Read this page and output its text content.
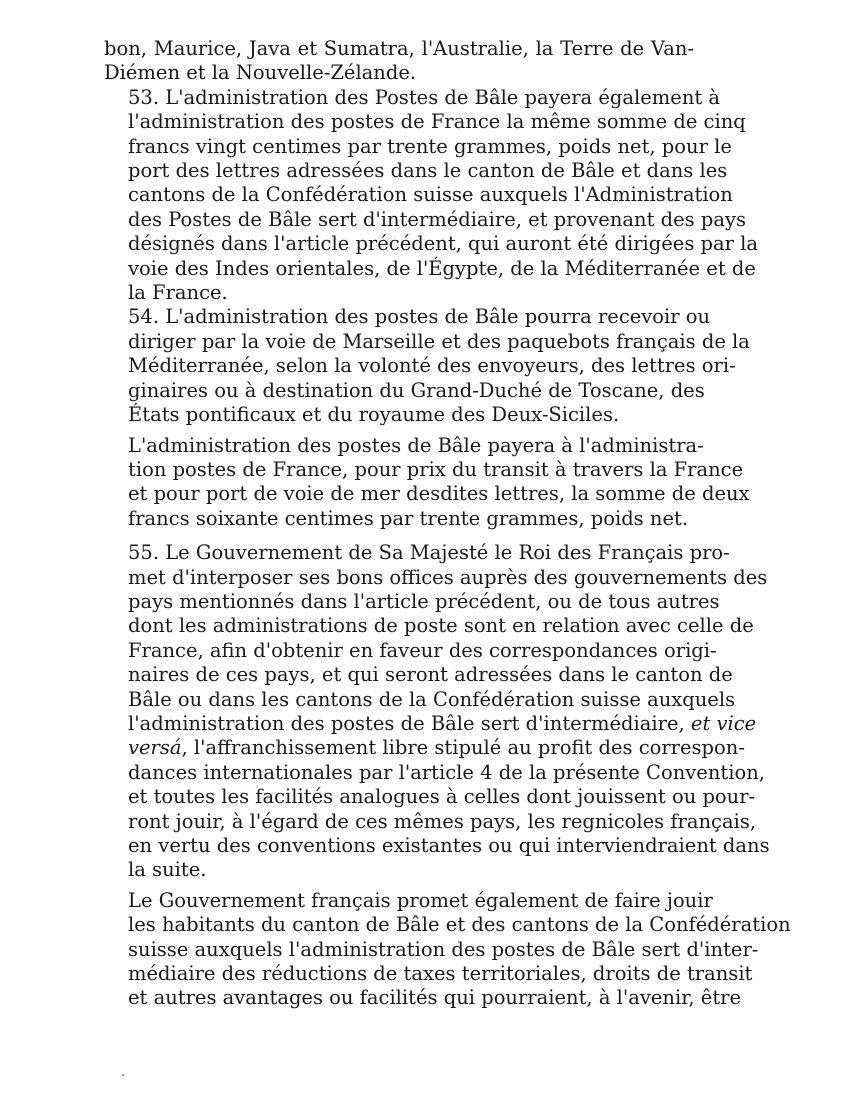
bon, Maurice, Java et Sumatra, l'Australie, la Terre de Van-
Diémen et la Nouvelle-Zélande.

53. L'administration des Postes de Bâle payera également à
l'administration des postes de France la même somme de cinq
francs vingt centimes par trente grammes, poids net, pour le
port des lettres adressées dans le canton de Bâle et dans les
cantons de la Confédération suisse auxquels l'Administration
des Postes de Bâle sert d'intermédiaire, et provenant des pays
désignés dans l'article précédent, qui auront été dirigées par la
voie des Indes orientales, de l'Égypte, de la Méditerranée et de
la France.

54. L'administration des postes de Bâle pourra recevoir ou
diriger par la voie de Marseille et des paquebots français de la
Méditerranée, selon la volonté des envoyeurs, des lettres ori-
ginaires ou à destination du Grand-Duché de Toscane, des
États pontificaux et du royaume des Deux-Siciles.

L'administration des postes de Bâle payera à l'administra-
tion postes de France, pour prix du transit à travers la France
et pour port de voie de mer desdites lettres, la somme de deux
francs soixante centimes par trente grammes, poids net.

55. Le Gouvernement de Sa Majesté le Roi des Français pro-
met d'interposer ses bons offices auprès des gouvernements des
pays mentionnés dans l'article précédent, ou de tous autres
dont les administrations de poste sont en relation avec celle de
France, afin d'obtenir en faveur des correspondances origi-
naires de ces pays, et qui seront adressées dans le canton de
Bâle ou dans les cantons de la Confédération suisse auxquels
l'administration des postes de Bâle sert d'intermédiaire, et vice
versá, l'affranchissement libre stipulé au profit des correspon-
dances internationales par l'article 4 de la présente Convention,
et toutes les facilités analogues à celles dont jouissent ou pour-
ront jouir, à l'égard de ces mêmes pays, les regnicoles français,
en vertu des conventions existantes ou qui interviendraient dans
la suite.

Le Gouvernement français promet également de faire jouir
les habitants du canton de Bâle et des cantons de la Confédération
suisse auxquels l'administration des postes de Bâle sert d'inter-
médiaire des réductions de taxes territoriales, droits de transit
et autres avantages ou facilités qui pourraient, à l'avenir, être
